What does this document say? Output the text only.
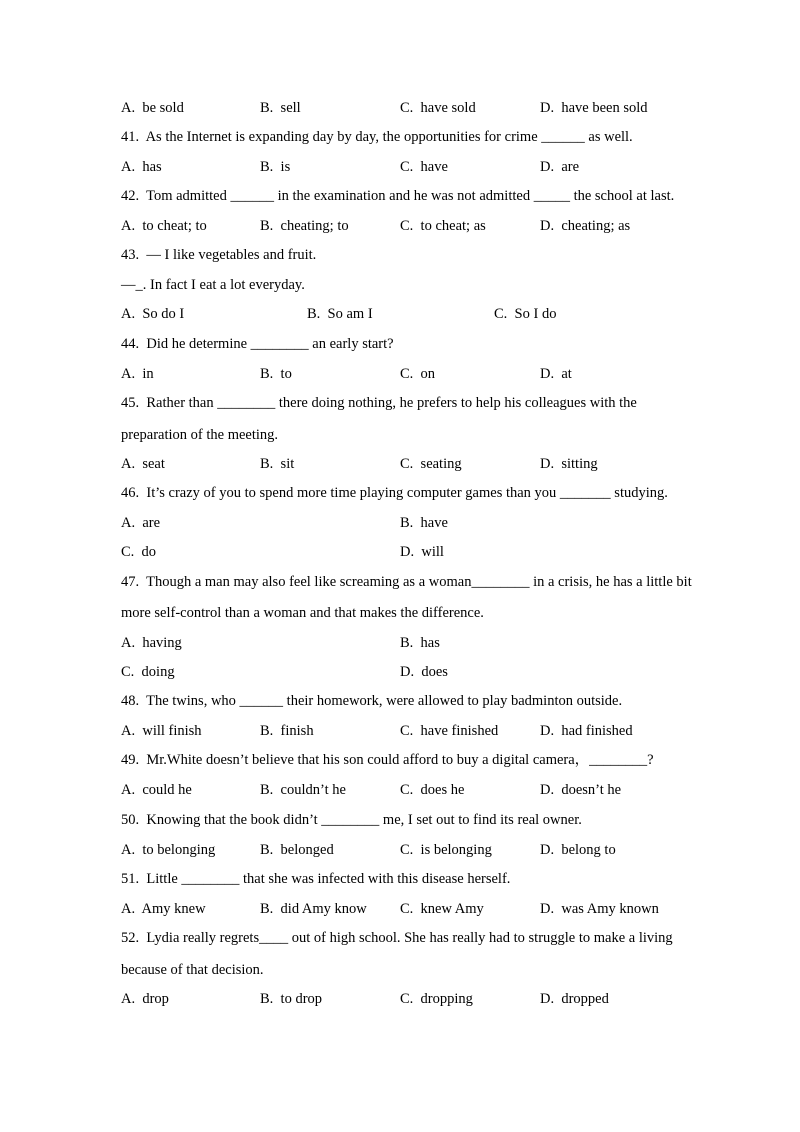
A.  be sold	B.  sell	C.  have sold	D.  have been sold
41.  As the Internet is expanding day by day, the opportunities for crime ______ as well.
A.  has	B.  is	C.  have	D.  are
42.  Tom admitted ______ in the examination and he was not admitted _____ the school at last.
A.  to cheat; to	B.  cheating; to	C.  to cheat; as	D.  cheating; as
43.  — I like vegetables and fruit.
—_. In fact I eat a lot everyday.
A.  So do I	B.  So am I	C.  So I do
44.  Did he determine ________ an early start?
A.  in	B.  to	C.  on	D.  at
45.  Rather than ________ there doing nothing, he prefers to help his colleagues with the
preparation of the meeting.
A.  seat	B.  sit	C.  seating	D.  sitting
46.  It’s crazy of you to spend more time playing computer games than you _______ studying.
A.  are	B.  have
C.  do	D.  will
47.  Though a man may also feel like screaming as a woman________ in a crisis, he has a little bit
more self-control than a woman and that makes the difference.
A.  having	B.  has
C.  doing	D.  does
48.  The twins, who ______ their homework, were allowed to play badminton outside.
A.  will finish	B.  finish	C.  have finished	D.  had finished
49.  Mr.White doesn’t believe that his son could afford to buy a digital camera，________?
A.  could he	B.  couldn’t he	C.  does he	D.  doesn’t he
50.  Knowing that the book didn’t ________ me, I set out to find its real owner.
A.  to belonging	B.  belonged	C.  is belonging	D.  belong to
51.  Little ________ that she was infected with this disease herself.
A.  Amy knew	B.  did Amy know C.  knew Amy	D.  was Amy known
52.  Lydia really regrets____ out of high school. She has really had to struggle to make a living
because of that decision.
A.  drop	B.  to drop	C.  dropping	D.  dropped
